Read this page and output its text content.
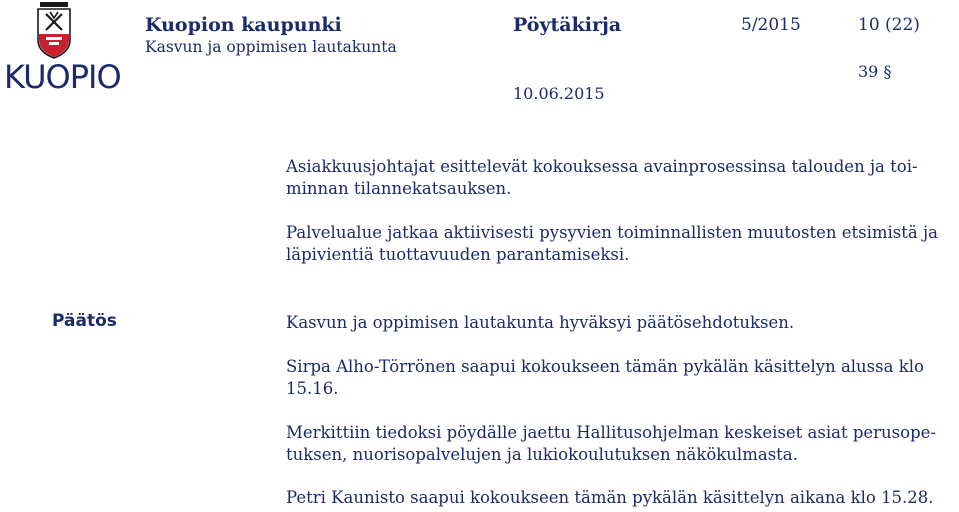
KUOPIO
Kuopion kaupunki
Kasvun ja oppimisen lautakunta
Pöytäkirja	5/2015	10 (22)
39 §
10.06.2015
Asiakkuusjohtajat esittelevät kokouksessa avainprosessinsa talouden ja toi-
minnan tilannekatsauksen.
Palvelualue jatkaa aktiivisesti pysyvien toiminnallisten muutosten etsimistä ja
läpivientiä tuottavuuden parantamiseksi.
Päätös	Kasvun ja oppimisen lautakunta hyväksyi päätösehdotuksen.
Sirpa Alho-Törrönen saapui kokoukseen tämän pykälän käsittelyn alussa klo
15.16.
Merkittiin tiedoksi pöydälle jaettu Hallitusohjelman keskeiset asiat perusope-
tuksen, nuorisopalvelujen ja lukiokoulutuksen näkökulmasta.
Petri Kaunisto saapui kokoukseen tämän pykälän käsittelyn aikana klo 15.28.
